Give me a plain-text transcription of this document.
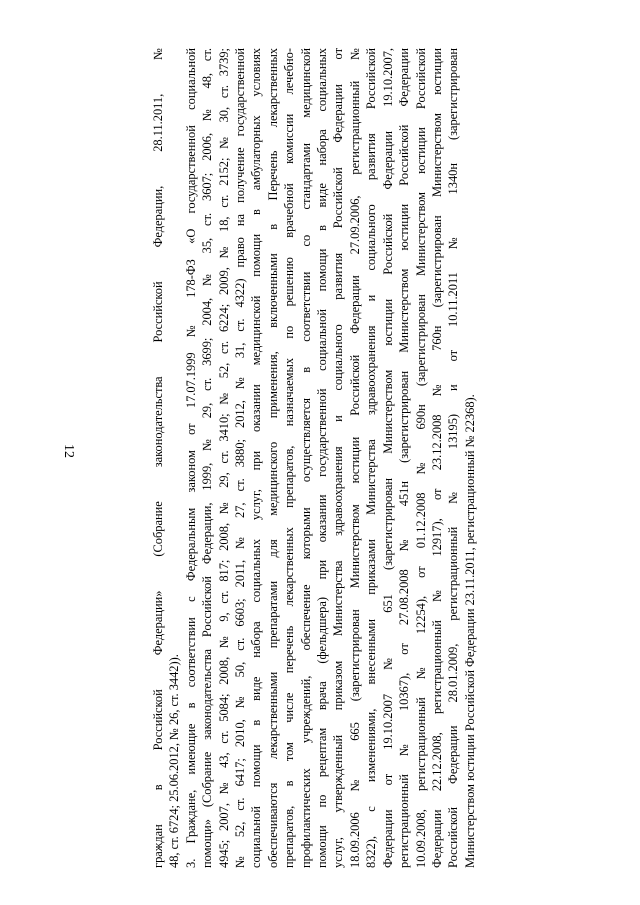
12	граждан в Российской Федерации» (Собрание законодательства Российской Федерации, 28.11.2011, № 48, ст. 6724; 25.06.2012, № 26, ст. 3442)). 3. Граждане, имеющие в соответствии с Федеральным законом от 17.07.1999 № 178-ФЗ «О государственной социальной помощи» (Собрание законодательства Российской Федерации, 1999, № 29, ст. 3699; 2004, № 35, ст. 3607; 2006, № 48, ст. 4945; 2007, № 43, ст. 5084; 2008, № 9, ст. 817; 2008, № 29, ст. 3410; № 52, ст. 6224; 2009, № 18, ст. 2152; № 30, ст. 3739; № 52, ст. 6417; 2010, № 50, ст. 6603; 2011, № 27, ст. 3880; 2012, № 31, ст. 4322) право на получение государственной социальной помощи в виде набора социальных услуг, при оказании медицинской помощи в амбулаторных условиях обеспечиваются лекарственными препаратами для медицинского применения, включенными в Перечень лекарственных препаратов, в том числе перечень лекарственных препаратов, назначаемых по решению врачебной комиссии лечебно- профилактических учреждений, обеспечение которыми осуществляется в соответствии со стандартами медицинской помощи по рецептам врача (фельдшера) при оказании государственной социальной помощи в виде набора социальных услуг, утвержденный приказом Министерства здравоохранения и социального развития Российской Федерации от 18.09.2006 № 665 (зарегистрирован Министерством юстиции Российской Федерации 27.09.2006, регистрационный № 8322), с изменениями, внесенными приказами Министерства здравоохранения и социального развития Российской Федерации от 19.10.2007 № 651 (зарегистрирован Министерством юстиции Российской Федерации 19.10.2007, регистрационный № 10367), от 27.08.2008 № 451н (зарегистрирован Министерством юстиции Российской Федерации 10.09.2008, регистрационный № 12254), от 01.12.2008 № 690н (зарегистрирован Министерством юстиции Российской Федерации 22.12.2008, регистрационный № 12917), от 23.12.2008 № 760н (зарегистрирован Министерством юстиции Российской Федерации 28.01.2009, регистрационный № 13195) и от 10.11.2011 № 1340н (зарегистрирован Министерством юстиции Российской Федерации 23.11.2011, регистрационный № 22368).
